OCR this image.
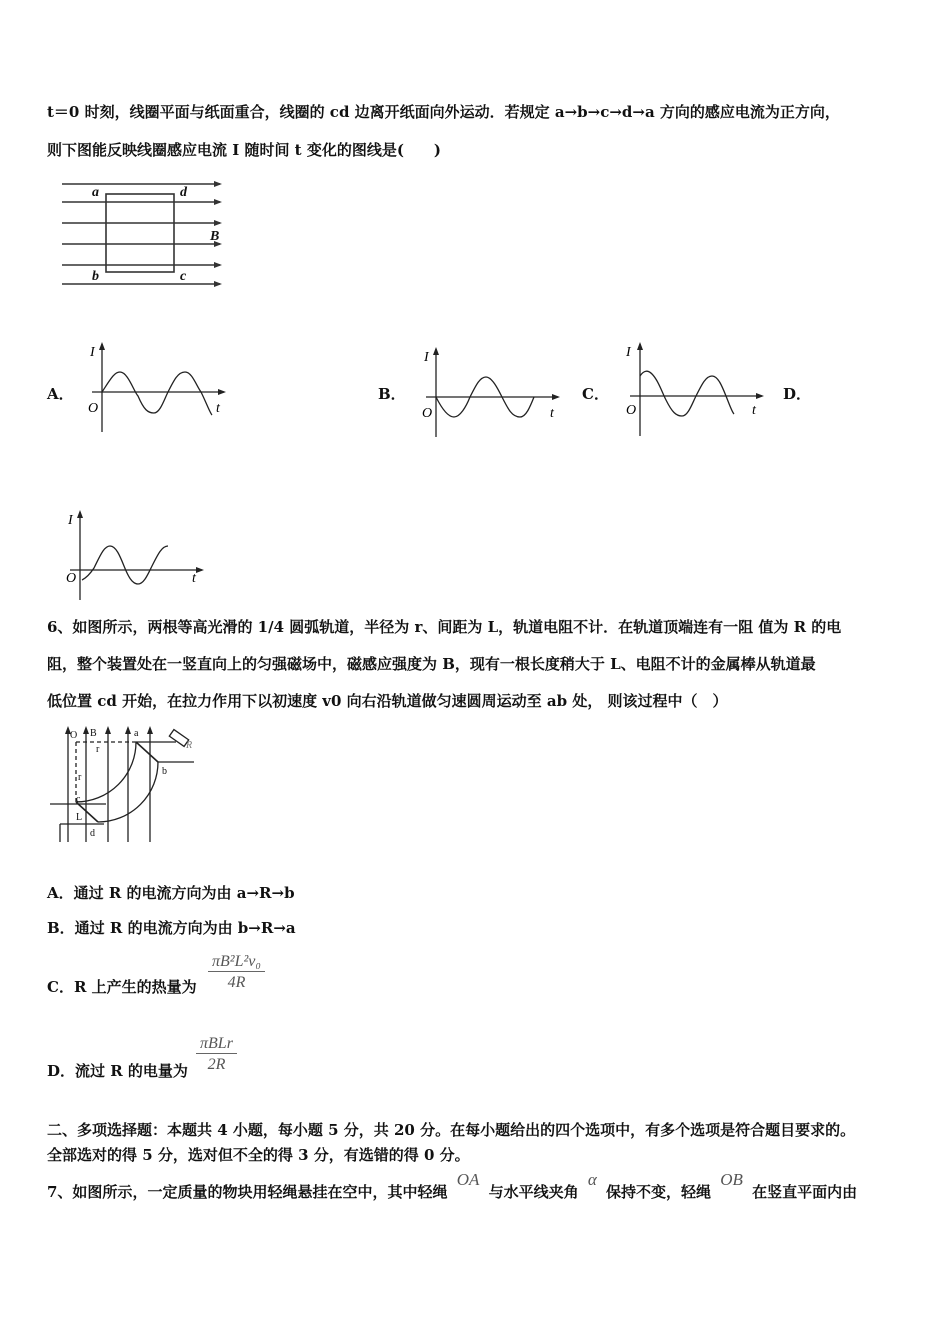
t＝0 时刻，线圈平面与纸面重合，线圈的 cd 边离开纸面向外运动．若规定 a→b→c→d→a 方向的感应电流为正方向，
则下图能反映线圈感应电流 I 随时间 t 变化的图线是(　　)
a	d
b	c
B
A．
I
O	t
B．
I
O	t
C．
I
O	t
D．
I
O	t
6、如图所示，两根等高光滑的 1/4 圆弧轨道，半径为 r、间距为 L，轨道电阻不计．在轨道顶端连有一阻 值为 R 的电
阻，整个装置处在一竖直向上的匀强磁场中，磁感应强度为 B，现有一根长度稍大于 L、电阻不计的金属棒从轨道最
低位置 cd 开始，在拉力作用下以初速度 v0 向右沿轨道做匀速圆周运动至 ab 处， 则该过程中（　）
O B
r
a
b
R
r
c
L
d
A．通过 R 的电流方向为由 a→R→b
B．通过 R 的电流方向为由 b→R→a
C．R 上产生的热量为 $\frac{\text{πB²L²v₀}}{4R}$
D．流过 R 的电量为
πBLr
2R
二、多项选择题：本题共 4 小题，每小题 5 分，共 20 分。在每小题给出的四个选项中，有多个选项是符合题目要求的。
全部选对的得 5 分，选对但不全的得 3 分，有选错的得 0 分。
7、如图所示，一定质量的物块用轻绳悬挂在空中，其中轻绳 OA 与水平线夹角 α 保持不变，轻绳 OB 在竖直平面内由
